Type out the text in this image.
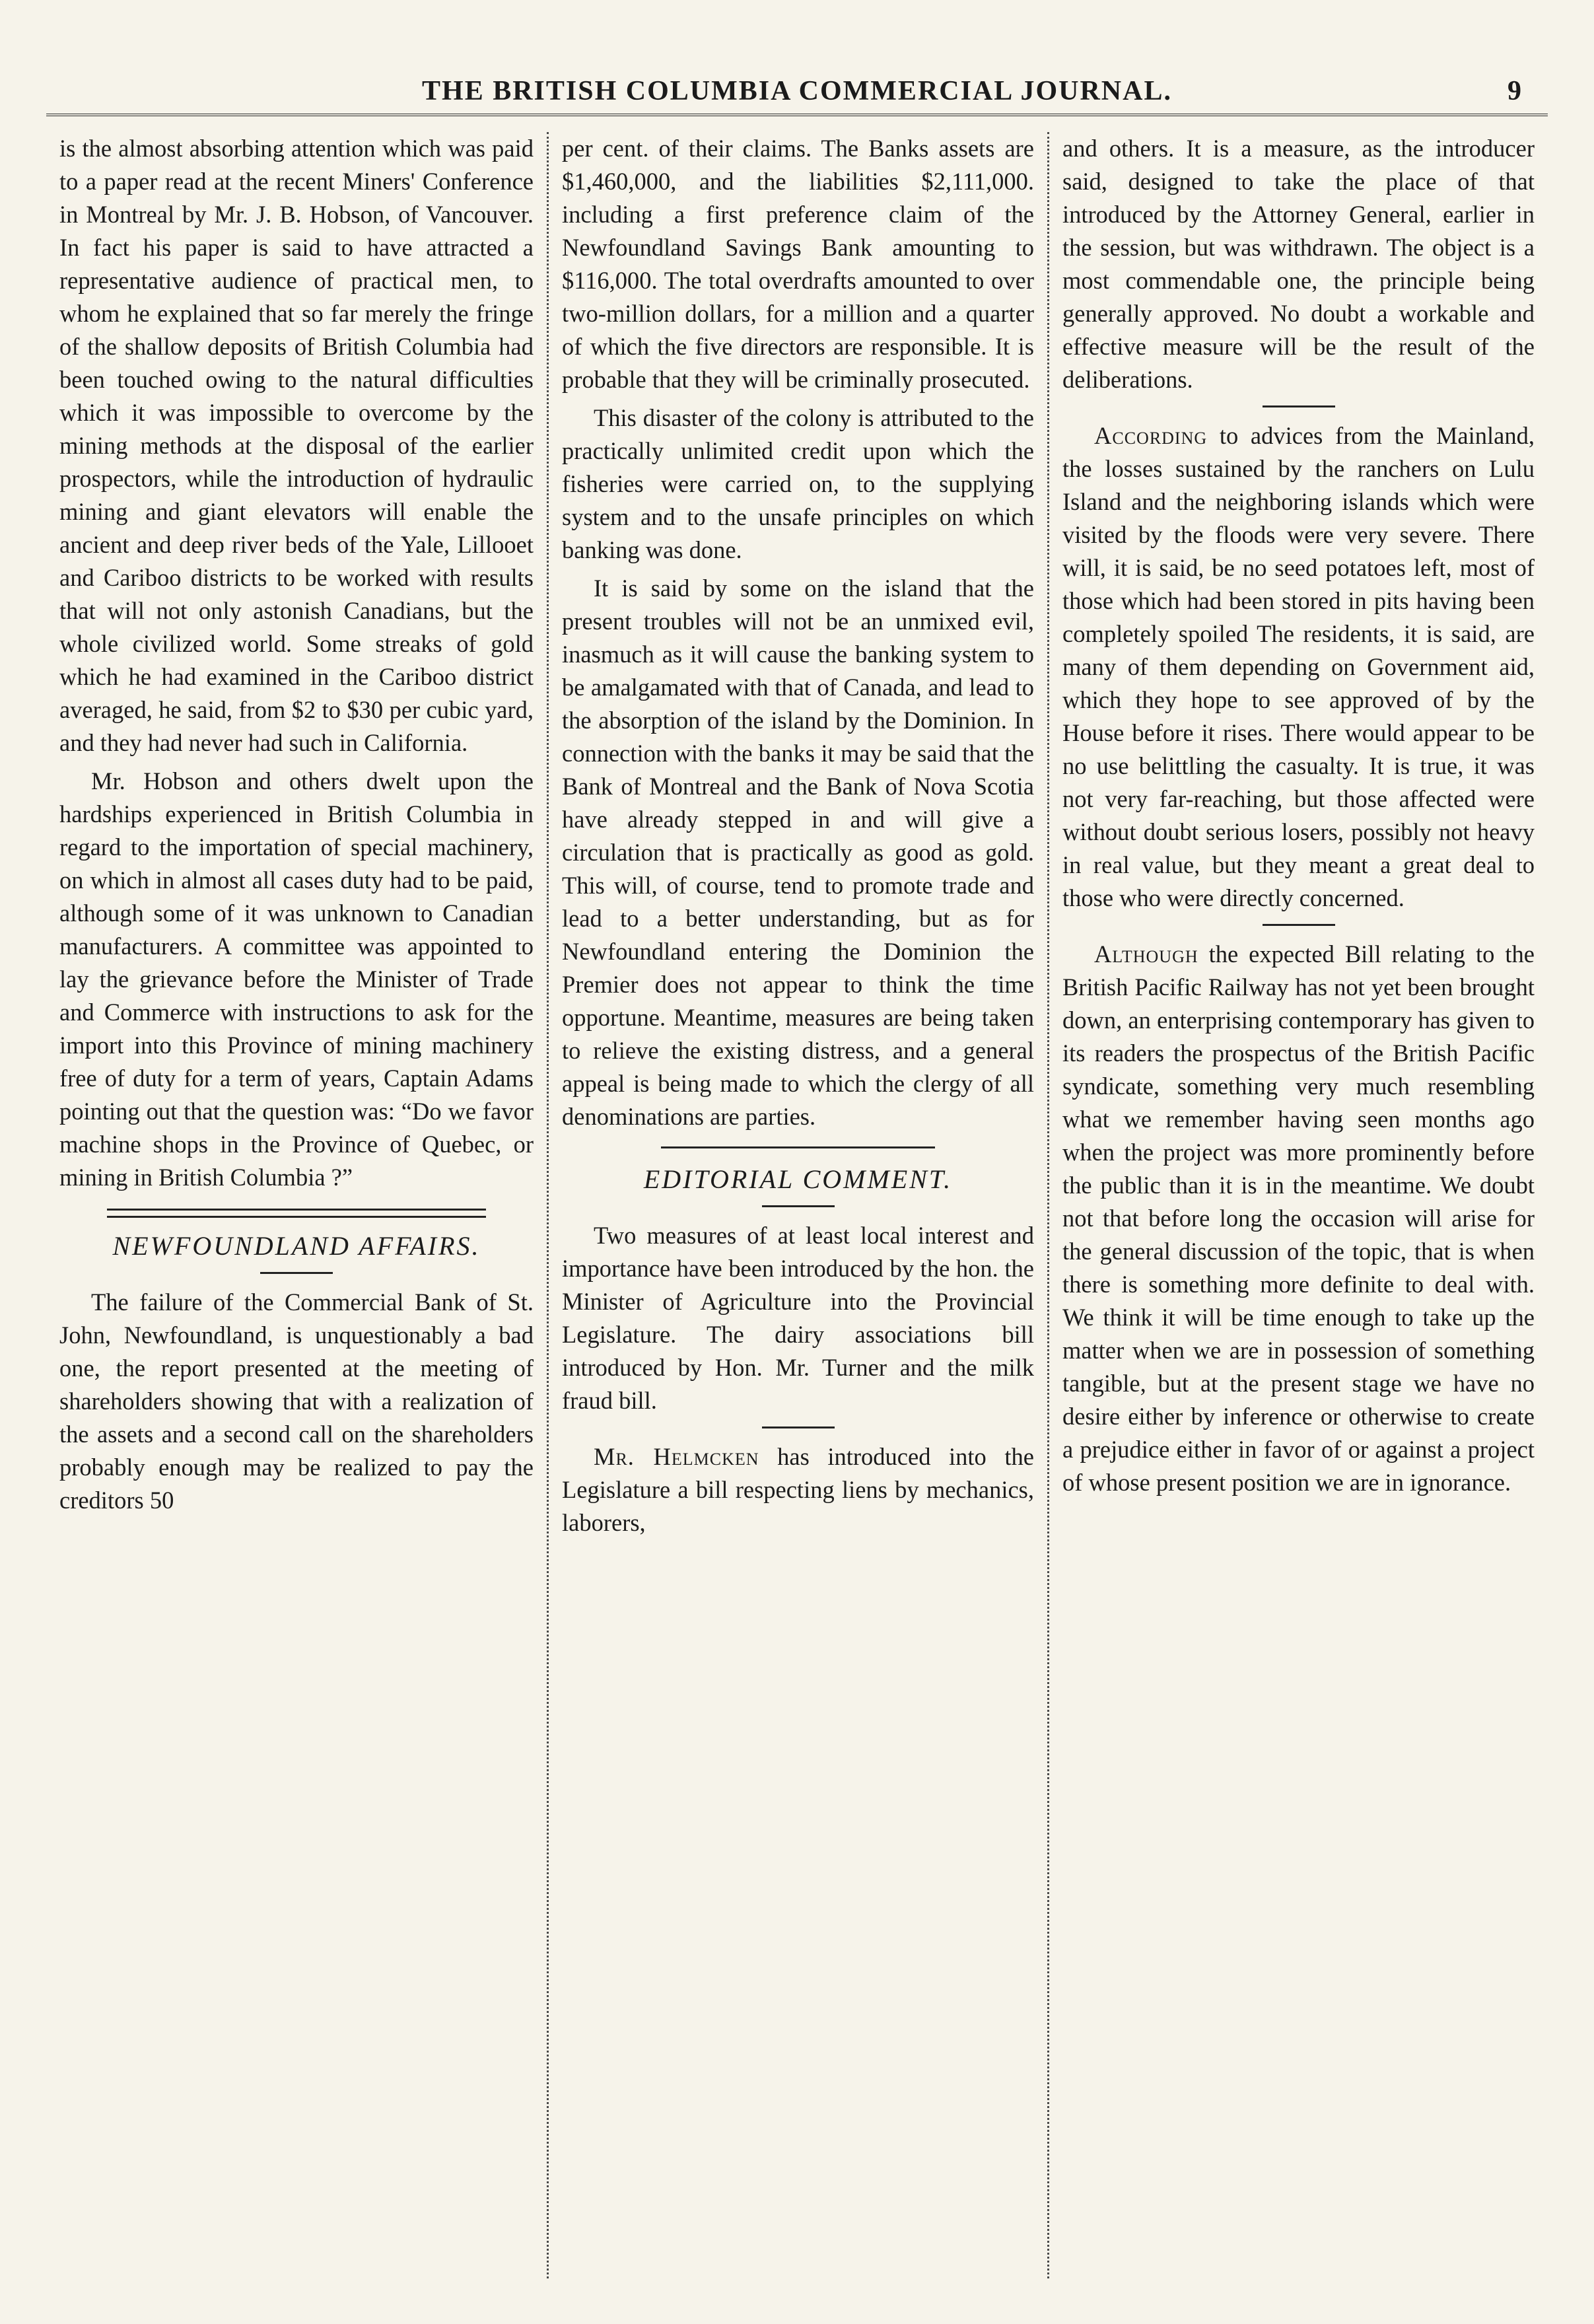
THE BRITISH COLUMBIA COMMERCIAL JOURNAL.	9

is the almost absorbing attention which was paid to a paper read at the recent Miners' Conference in Montreal by Mr. J. B. Hobson, of Vancouver. In fact his paper is said to have attracted a representative audience of practical men, to whom he explained that so far merely the fringe of the shallow deposits of British Columbia had been touched owing to the natural difficulties which it was impossible to overcome by the mining methods at the disposal of the earlier prospectors, while the introduction of hydraulic mining and giant elevators will enable the ancient and deep river beds of the Yale, Lillooet and Cariboo districts to be worked with results that will not only astonish Canadians, but the whole civilized world. Some streaks of gold which he had examined in the Cariboo district averaged, he said, from $2 to $30 per cubic yard, and they had never had such in California.

Mr. Hobson and others dwelt upon the hardships experienced in British Columbia in regard to the importation of special machinery, on which in almost all cases duty had to be paid, although some of it was unknown to Canadian manufacturers. A committee was appointed to lay the grievance before the Minister of Trade and Commerce with instructions to ask for the import into this Province of mining machinery free of duty for a term of years, Captain Adams pointing out that the question was: “Do we favor machine shops in the Province of Quebec, or mining in British Columbia ?”

NEWFOUNDLAND AFFAIRS.

The failure of the Commercial Bank of St. John, Newfoundland, is unquestionably a bad one, the report presented at the meeting of shareholders showing that with a realization of the assets and a second call on the shareholders probably enough may be realized to pay the creditors 50

per cent. of their claims. The Banks assets are $1,460,000, and the liabilities $2,111,000. including a first preference claim of the Newfoundland Savings Bank amounting to $116,000. The total overdrafts amounted to over two-million dollars, for a million and a quarter of which the five directors are responsible. It is probable that they will be criminally prosecuted.

This disaster of the colony is attributed to the practically unlimited credit upon which the fisheries were carried on, to the supplying system and to the unsafe principles on which banking was done.

It is said by some on the island that the present troubles will not be an unmixed evil, inasmuch as it will cause the banking system to be amalgamated with that of Canada, and lead to the absorption of the island by the Dominion. In connection with the banks it may be said that the Bank of Montreal and the Bank of Nova Scotia have already stepped in and will give a circulation that is practically as good as gold. This will, of course, tend to promote trade and lead to a better understanding, but as for Newfoundland entering the Dominion the Premier does not appear to think the time opportune. Meantime, measures are being taken to relieve the existing distress, and a general appeal is being made to which the clergy of all denominations are parties.

EDITORIAL COMMENT.

Two measures of at least local interest and importance have been introduced by the hon. the Minister of Agriculture into the Provincial Legislature. The dairy associations bill introduced by Hon. Mr. Turner and the milk fraud bill.

Mr. Helmcken has introduced into the Legislature a bill respecting liens by mechanics, laborers,

and others. It is a measure, as the introducer said, designed to take the place of that introduced by the Attorney General, earlier in the session, but was withdrawn. The object is a most commendable one, the principle being generally approved. No doubt a workable and effective measure will be the result of the deliberations.

According to advices from the Mainland, the losses sustained by the ranchers on Lulu Island and the neighboring islands which were visited by the floods were very severe. There will, it is said, be no seed potatoes left, most of those which had been stored in pits having been completely spoiled The residents, it is said, are many of them depending on Government aid, which they hope to see approved of by the House before it rises. There would appear to be no use belittling the casualty. It is true, it was not very far-reaching, but those affected were without doubt serious losers, possibly not heavy in real value, but they meant a great deal to those who were directly concerned.

Although the expected Bill relating to the British Pacific Railway has not yet been brought down, an enterprising contemporary has given to its readers the prospectus of the British Pacific syndicate, something very much resembling what we remember having seen months ago when the project was more prominently before the public than it is in the meantime. We doubt not that before long the occasion will arise for the general discussion of the topic, that is when there is something more definite to deal with. We think it will be time enough to take up the matter when we are in possession of something tangible, but at the present stage we have no desire either by inference or otherwise to create a prejudice either in favor of or against a project of whose present position we are in ignorance.
